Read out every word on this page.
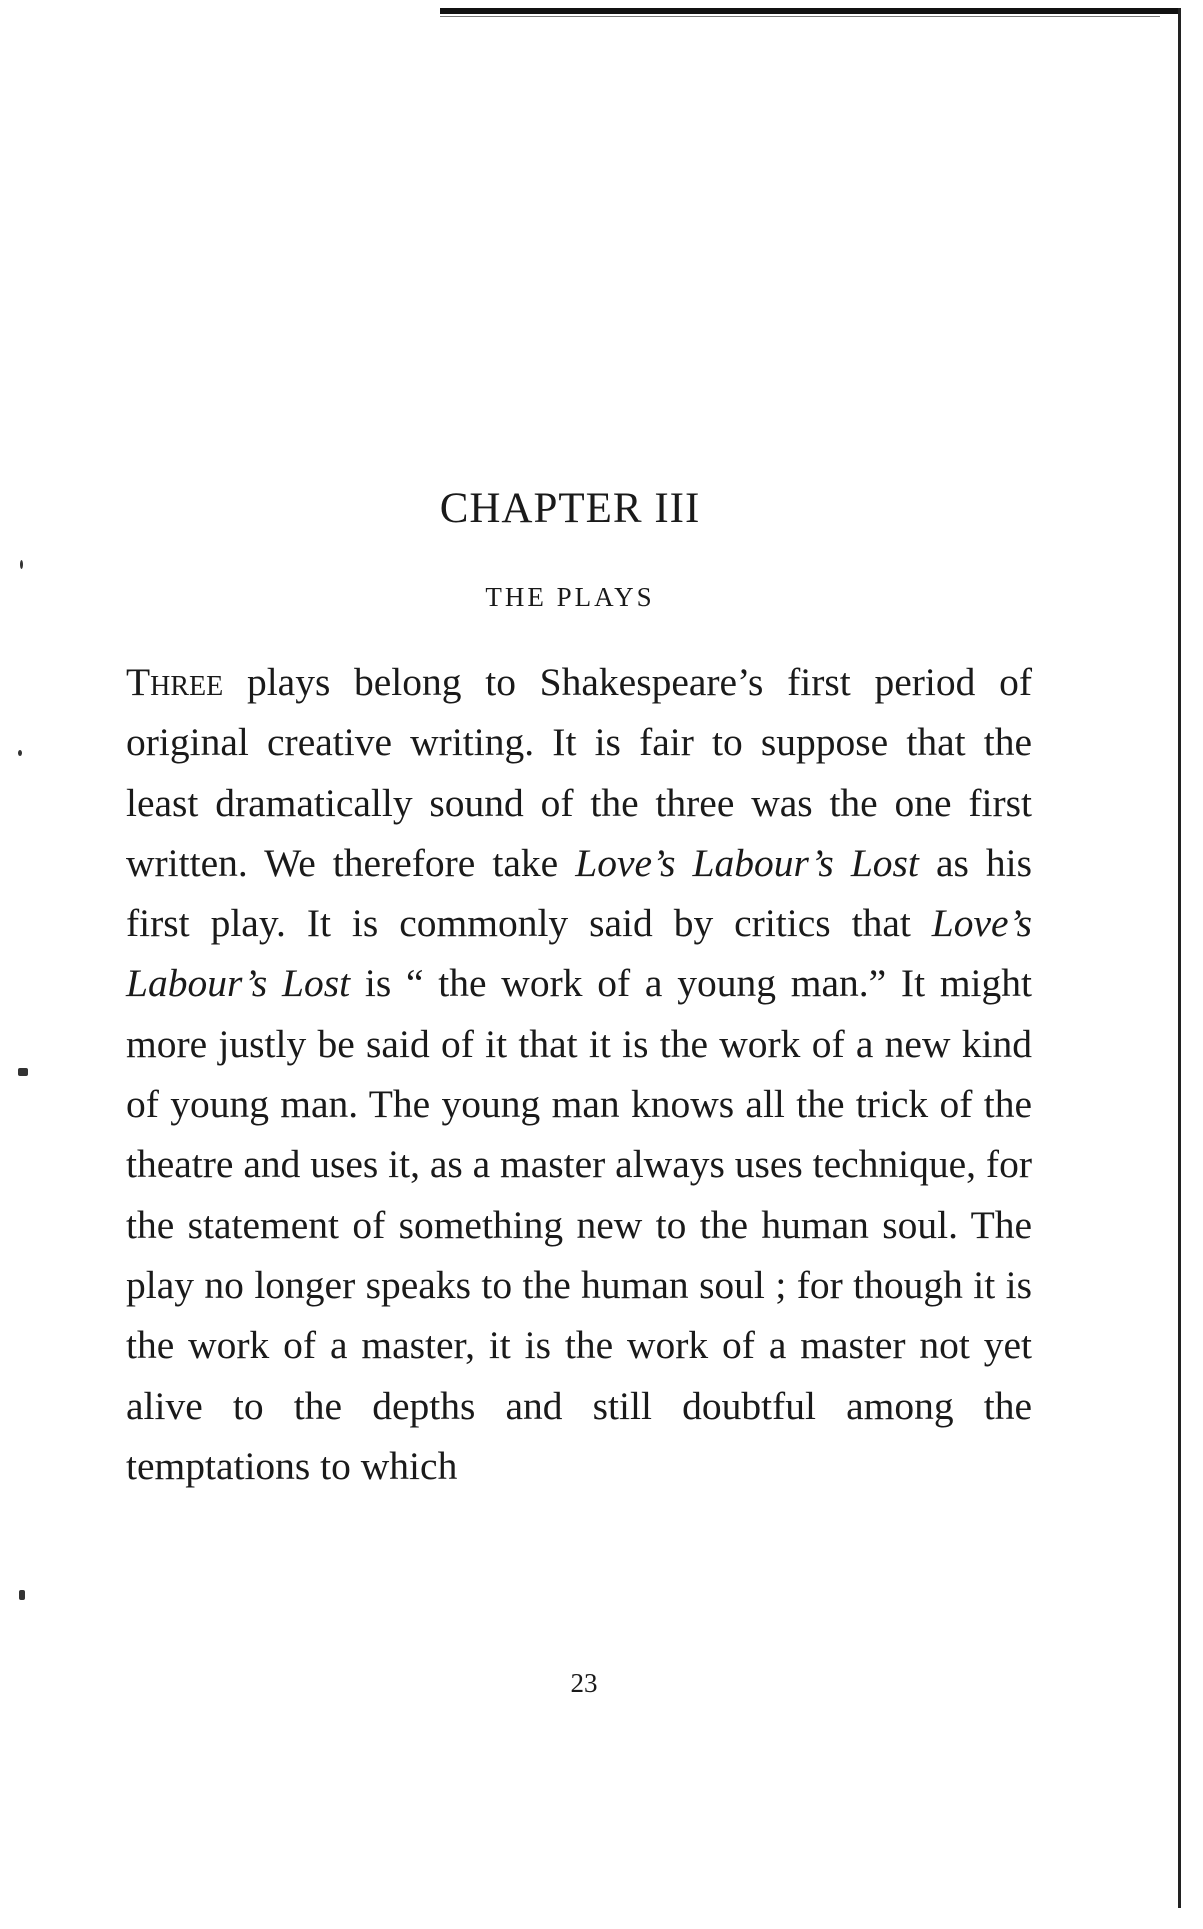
CHAPTER III
THE PLAYS

Three plays belong to Shakespeare’s first period of original creative writing. It is fair to suppose that the least dramatically sound of the three was the one first written. We therefore take Love’s Labour’s Lost as his first play. It is commonly said by critics that Love’s Labour’s Lost is “ the work of a young man.” It might more justly be said of it that it is the work of a new kind of young man. The young man knows all the trick of the theatre and uses it, as a master always uses technique, for the statement of something new to the human soul. The play no longer speaks to the human soul ; for though it is the work of a master, it is the work of a master not yet alive to the depths and still doubtful among the temptations to which

23
